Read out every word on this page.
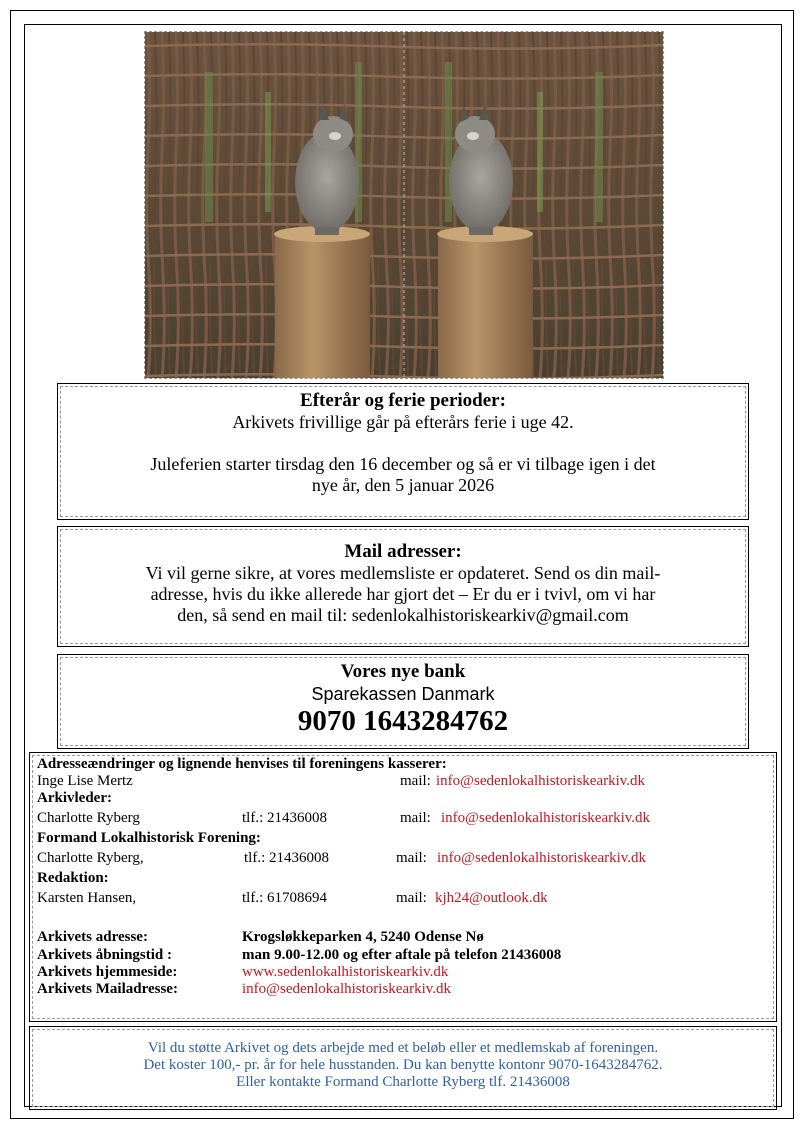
Efterår og ferie perioder:
Arkivets frivillige går på efterårs ferie i uge 42.
Juleferien starter tirsdag den 16 december og så er vi tilbage igen i det
nye år, den 5 januar 2026
Mail adresser:
Vi vil gerne sikre, at vores medlemsliste er opdateret. Send os din mail-
adresse, hvis du ikke allerede har gjort det – Er du er i tvivl, om vi har
den, så send en mail til: sedenlokalhistoriskearkiv@gmail.com
Vores nye bank
Sparekassen Danmark
9070 1643284762
Adresseændringer og lignende henvises til foreningens kasserer:
Inge Lise Mertz	mail: info@sedenlokalhistoriskearkiv.dk
Arkivleder:
Charlotte Ryberg	tlf.: 21436008	mail: info@sedenlokalhistoriskearkiv.dk
Formand Lokalhistorisk Forening:
Charlotte Ryberg,	tlf.: 21436008	mail: info@sedenlokalhistoriskearkiv.dk
Redaktion:
Karsten Hansen,	tlf.: 61708694	mail: kjh24@outlook.dk
Arkivets adresse:	Krogsløkkeparken 4, 5240 Odense Nø
Arkivets åbningstid :	man 9.00-12.00 og efter aftale på telefon 21436008
Arkivets hjemmeside:	www.sedenlokalhistoriskearkiv.dk
Arkivets Mailadresse:	info@sedenlokalhistoriskearkiv.dk
Vil du støtte Arkivet og dets arbejde med et beløb eller et medlemskab af foreningen.
Det koster 100,- pr. år for hele husstanden. Du kan benytte kontonr 9070-1643284762.
Eller kontakte Formand Charlotte Ryberg tlf. 21436008
